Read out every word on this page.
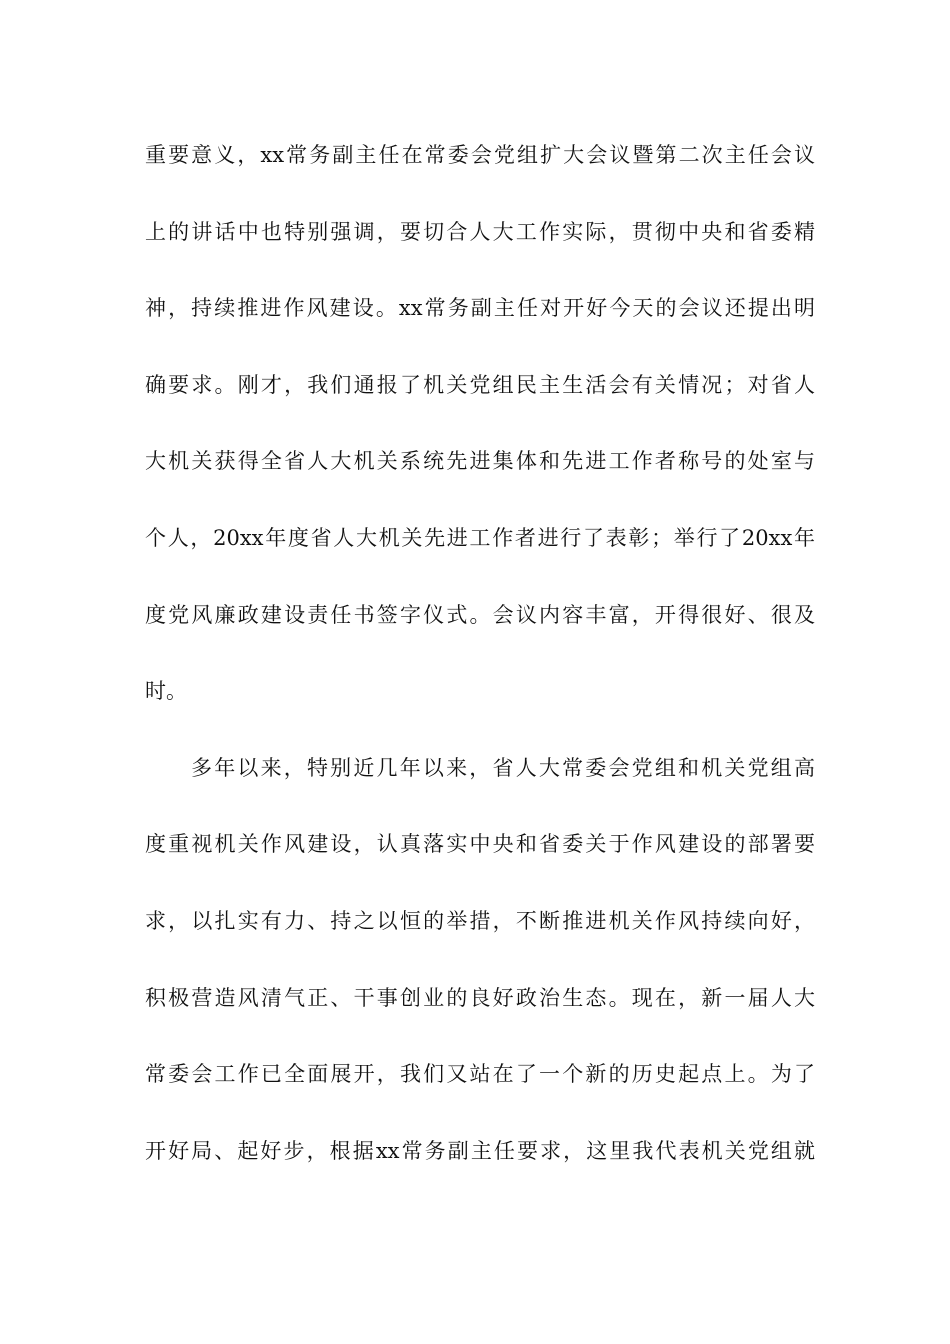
重要意义，xx常务副主任在常委会党组扩大会议暨第二次主任会议
上的讲话中也特别强调，要切合人大工作实际，贯彻中央和省委精
神，持续推进作风建设。xx常务副主任对开好今天的会议还提出明
确要求。刚才，我们通报了机关党组民主生活会有关情况；对省人
大机关获得全省人大机关系统先进集体和先进工作者称号的处室与
个人，20xx年度省人大机关先进工作者进行了表彰；举行了20xx年
度党风廉政建设责任书签字仪式。会议内容丰富，开得很好、很及
时。
多年以来，特别近几年以来，省人大常委会党组和机关党组高
度重视机关作风建设，认真落实中央和省委关于作风建设的部署要
求，以扎实有力、持之以恒的举措，不断推进机关作风持续向好，
积极营造风清气正、干事创业的良好政治生态。现在，新一届人大
常委会工作已全面展开，我们又站在了一个新的历史起点上。为了
开好局、起好步，根据xx常务副主任要求，这里我代表机关党组就
